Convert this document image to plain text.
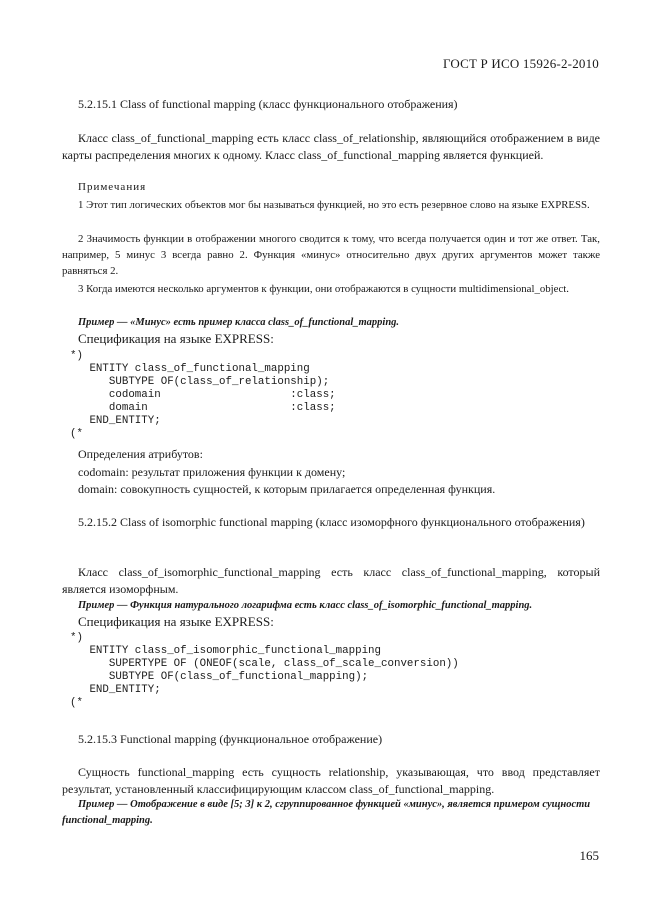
ГОСТ Р ИСО 15926-2-2010
5.2.15.1 Class of functional mapping (класс функционального отображения)
Класс class_of_functional_mapping есть класс class_of_relationship, являющийся отображением в виде карты распределения многих к одному. Класс class_of_functional_mapping является функцией.
Примечания
1 Этот тип логических объектов мог бы называться функцией, но это есть резервное слово на языке EXPRESS.
2 Значимость функции в отображении многого сводится к тому, что всегда получается один и тот же ответ. Так, например, 5 минус 3 всегда равно 2. Функция «минус» относительно двух других аргументов может также равняться 2.
3 Когда имеются несколько аргументов к функции, они отображаются в сущности multidimensional_object.
Пример — «Минус» есть пример класса class_of_functional_mapping.
Спецификация на языке EXPRESS:
*)
ENTITY class_of_functional_mapping
SUBTYPE OF(class_of_relationship);
codomain                    :class;
domain                      :class;
END_ENTITY;
(*
Определения атрибутов:
codomain: результат приложения функции к домену;
domain: совокупность сущностей, к которым прилагается определенная функция.
5.2.15.2 Class of isomorphic functional mapping (класс изоморфного функционального отображения)
Класс class_of_isomorphic_functional_mapping есть класс class_of_functional_mapping, который является изоморфным.
Пример — Функция натурального логарифма есть класс class_of_isomorphic_functional_mapping.
Спецификация на языке EXPRESS:
*)
ENTITY class_of_isomorphic_functional_mapping
SUPERTYPE OF (ONEOF(scale, class_of_scale_conversion))
SUBTYPE OF(class_of_functional_mapping);
END_ENTITY;
(*
5.2.15.3 Functional mapping (функциональное отображение)
Сущность functional_mapping есть сущность relationship, указывающая, что ввод представляет результат, установленный классифицирующим классом class_of_functional_mapping.
Пример — Отображение в виде [5; 3] к 2, сгруппированное функцией «минус», является примером сущности functional_mapping.
165
